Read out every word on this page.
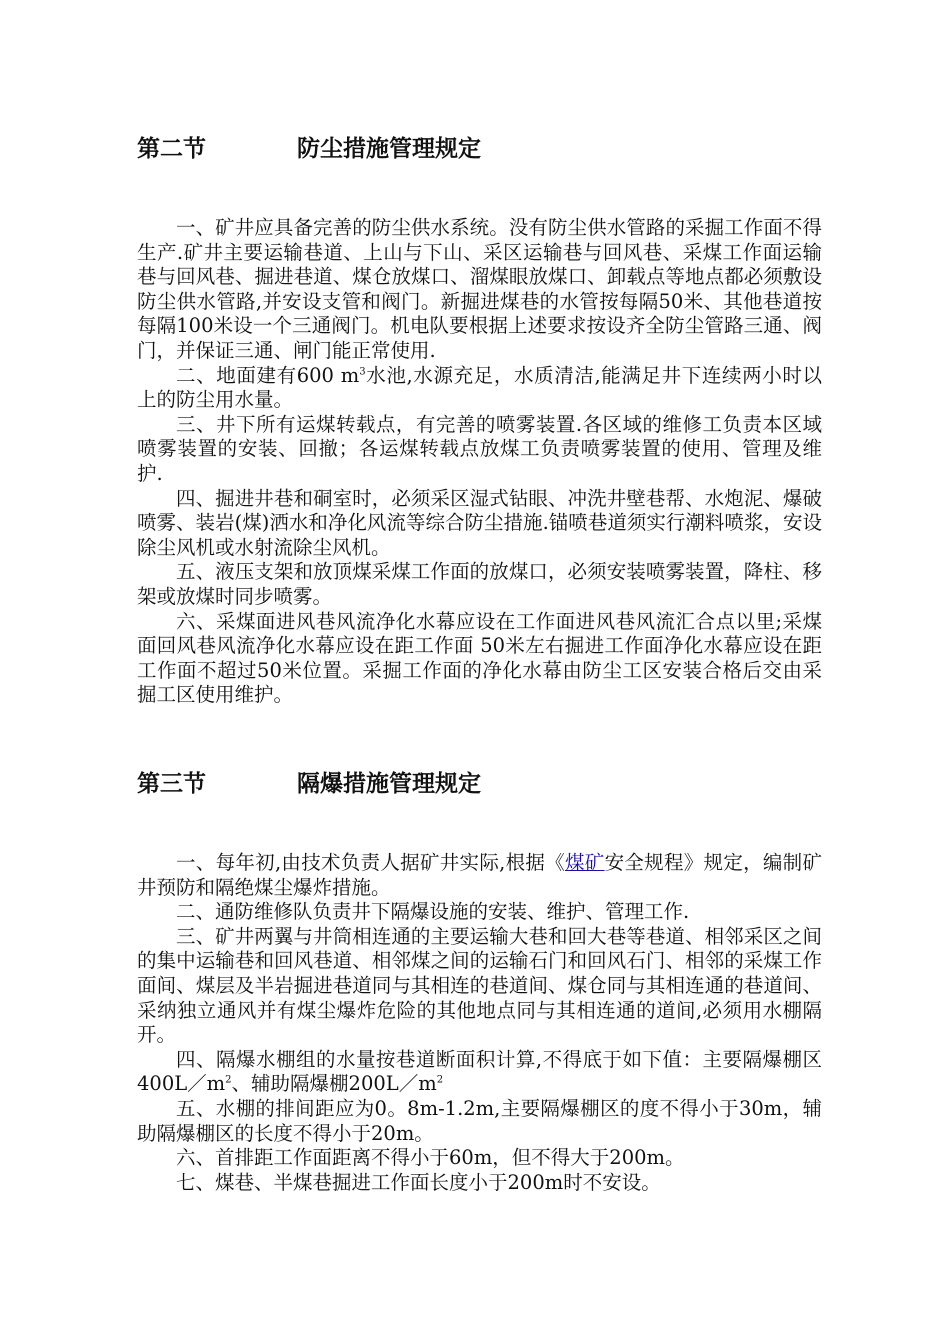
第二节	防尘措施管理规定

一、矿井应具备完善的防尘供水系统。没有防尘供水管路的采掘工作面不得生产.矿井主要运输巷道、上山与下山、采区运输巷与回风巷、采煤工作面运输巷与回风巷、掘进巷道、煤仓放煤口、溜煤眼放煤口、卸载点等地点都必须敷设防尘供水管路,并安设支管和阀门。新掘进煤巷的水管按每隔50米、其他巷道按每隔100米设一个三通阀门。机电队要根据上述要求按设齐全防尘管路三通、阀门，并保证三通、闸门能正常使用.

二、地面建有600 $m^3$水池,水源充足，水质清洁,能满足井下连续两小时以上的防尘用水量。

三、井下所有运煤转载点，有完善的喷雾装置.各区域的维修工负责本区域喷雾装置的安装、回撤；各运煤转载点放煤工负责喷雾装置的使用、管理及维护.

四、掘进井巷和硐室时，必须采区湿式钻眼、冲洗井壁巷帮、水炮泥、爆破喷雾、装岩(煤)洒水和净化风流等综合防尘措施.锚喷巷道须实行潮料喷浆，安设除尘风机或水射流除尘风机。

五、液压支架和放顶煤采煤工作面的放煤口，必须安装喷雾装置，降柱、移架或放煤时同步喷雾。

六、采煤面进风巷风流净化水幕应设在工作面进风巷风流汇合点以里;采煤面回风巷风流净化水幕应设在距工作面 50米左右掘进工作面净化水幕应设在距工作面不超过50米位置。采掘工作面的净化水幕由防尘工区安装合格后交由采掘工区使用维护。

第三节	隔爆措施管理规定

一、每年初,由技术负责人据矿井实际,根据《煤矿安全规程》规定，编制矿井预防和隔绝煤尘爆炸措施。

二、通防维修队负责井下隔爆设施的安装、维护、管理工作.

三、矿井两翼与井筒相连通的主要运输大巷和回大巷等巷道、相邻采区之间的集中运输巷和回风巷道、相邻煤之间的运输石门和回风石门、相邻的采煤工作面间、煤层及半岩掘进巷道同与其相连的巷道间、煤仓同与其相连通的巷道间、采纳独立通风并有煤尘爆炸危险的其他地点同与其相连通的道间,必须用水棚隔开。

四、隔爆水棚组的水量按巷道断面积计算,不得底于如下值：主要隔爆棚区$400L/m^2$、辅助隔爆棚$200L/m^2$

五、水棚的排间距应为0。8m-1.2m,主要隔爆棚区的度不得小于30m，辅助隔爆棚区的长度不得小于20m。

六、首排距工作面距离不得小于60m，但不得大于200m。

七、煤巷、半煤巷掘进工作面长度小于200m时不安设。
